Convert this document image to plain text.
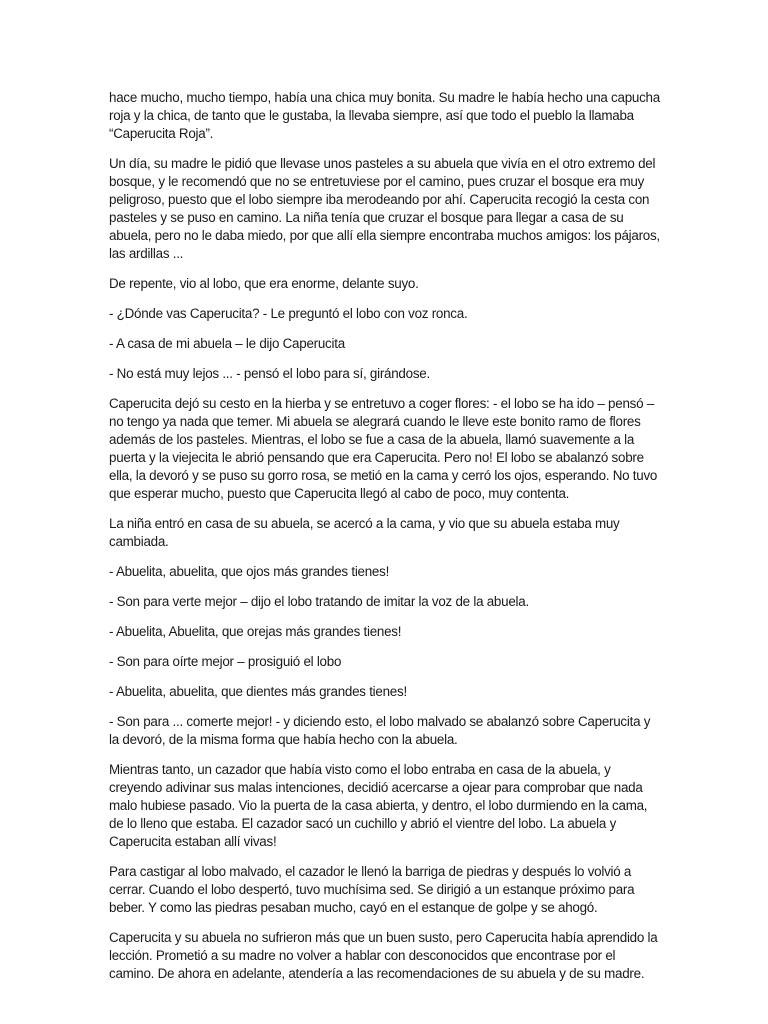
hace mucho, mucho tiempo, había una chica muy bonita. Su madre le había hecho una capucha roja y la chica, de tanto que le gustaba, la llevaba siempre, así que todo el pueblo la llamaba “Caperucita Roja”.

Un día, su madre le pidió que llevase unos pasteles a su abuela que vivía en el otro extremo del bosque, y le recomendó que no se entretuviese por el camino, pues cruzar el bosque era muy peligroso, puesto que el lobo siempre iba merodeando por ahí. Caperucita recogió la cesta con pasteles y se puso en camino. La niña tenía que cruzar el bosque para llegar a casa de su abuela, pero no le daba miedo, por que allí ella siempre encontraba muchos amigos: los pájaros, las ardillas ...

De repente, vio al lobo, que era enorme, delante suyo.

- ¿Dónde vas Caperucita? - Le preguntó el lobo con voz ronca.

- A casa de mi abuela – le dijo Caperucita

- No está muy lejos ... - pensó el lobo para sí, girándose.

Caperucita dejó su cesto en la hierba y se entretuvo a coger flores: - el lobo se ha ido – pensó – no tengo ya nada que temer. Mi abuela se alegrará cuando le lleve este bonito ramo de flores además de los pasteles. Mientras, el lobo se fue a casa de la abuela, llamó suavemente a la puerta y la viejecita le abrió pensando que era Caperucita. Pero no! El lobo se abalanzó sobre ella, la devoró y se puso su gorro rosa, se metió en la cama y cerró los ojos, esperando. No tuvo que esperar mucho, puesto que Caperucita llegó al cabo de poco, muy contenta.

La niña entró en casa de su abuela, se acercó a la cama, y vio que su abuela estaba muy cambiada.

- Abuelita, abuelita, que ojos más grandes tienes!

- Son para verte mejor – dijo el lobo tratando de imitar la voz de la abuela.

- Abuelita, Abuelita, que orejas más grandes tienes!

- Son para oírte mejor – prosiguió el lobo

- Abuelita, abuelita, que dientes más grandes tienes!

- Son para ... comerte mejor! - y diciendo esto, el lobo malvado se abalanzó sobre Caperucita y la devoró, de la misma forma que había hecho con la abuela.

Mientras tanto, un cazador que había visto como el lobo entraba en casa de la abuela, y creyendo adivinar sus malas intenciones, decidió acercarse a ojear para comprobar que nada malo hubiese pasado. Vio la puerta de la casa abierta, y dentro, el lobo durmiendo en la cama, de lo lleno que estaba. El cazador sacó un cuchillo y abrió el vientre del lobo. La abuela y Caperucita estaban allí vivas!

Para castigar al lobo malvado, el cazador le llenó la barriga de piedras y después lo volvió a cerrar. Cuando el lobo despertó, tuvo muchísima sed. Se dirigió a un estanque próximo para beber. Y como las piedras pesaban mucho, cayó en el estanque de golpe y se ahogó.

Caperucita y su abuela no sufrieron más que un buen susto, pero Caperucita había aprendido la lección. Prometió a su madre no volver a hablar con desconocidos que encontrase por el camino. De ahora en adelante, atendería a las recomendaciones de su abuela y de su madre.
